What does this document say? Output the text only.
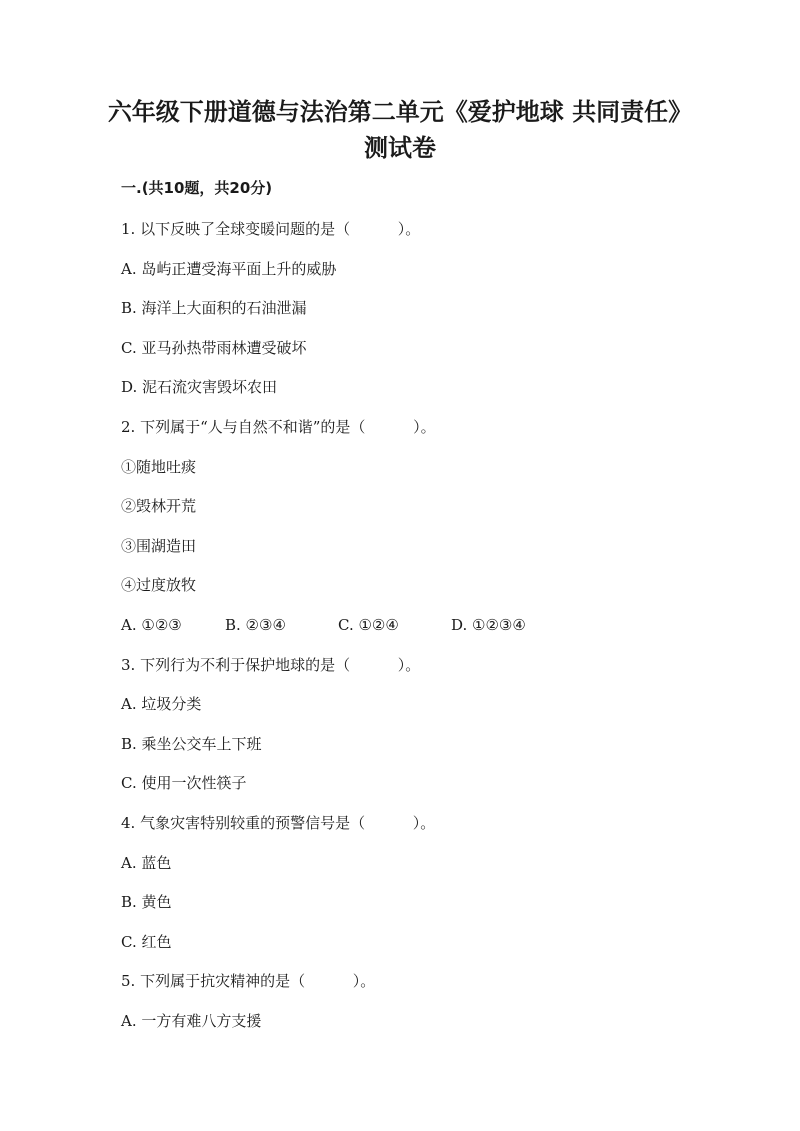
六年级下册道德与法治第二单元《爱护地球 共同责任》测试卷

一.(共10题，共20分)

1. 以下反映了全球变暖问题的是（          ）。

A. 岛屿正遭受海平面上升的威胁

B. 海洋上大面积的石油泄漏

C. 亚马孙热带雨林遭受破坏

D. 泥石流灾害毁坏农田

2. 下列属于“人与自然不和谐”的是（          ）。

①随地吐痰

②毁林开荒

③围湖造田

④过度放牧

A. ①②③	B. ②③④	C. ①②④	D. ①②③④

3. 下列行为不利于保护地球的是（          ）。

A. 垃圾分类

B. 乘坐公交车上下班

C. 使用一次性筷子

4. 气象灾害特别较重的预警信号是（          ）。

A. 蓝色

B. 黄色

C. 红色

5. 下列属于抗灾精神的是（          ）。

A. 一方有难八方支援
